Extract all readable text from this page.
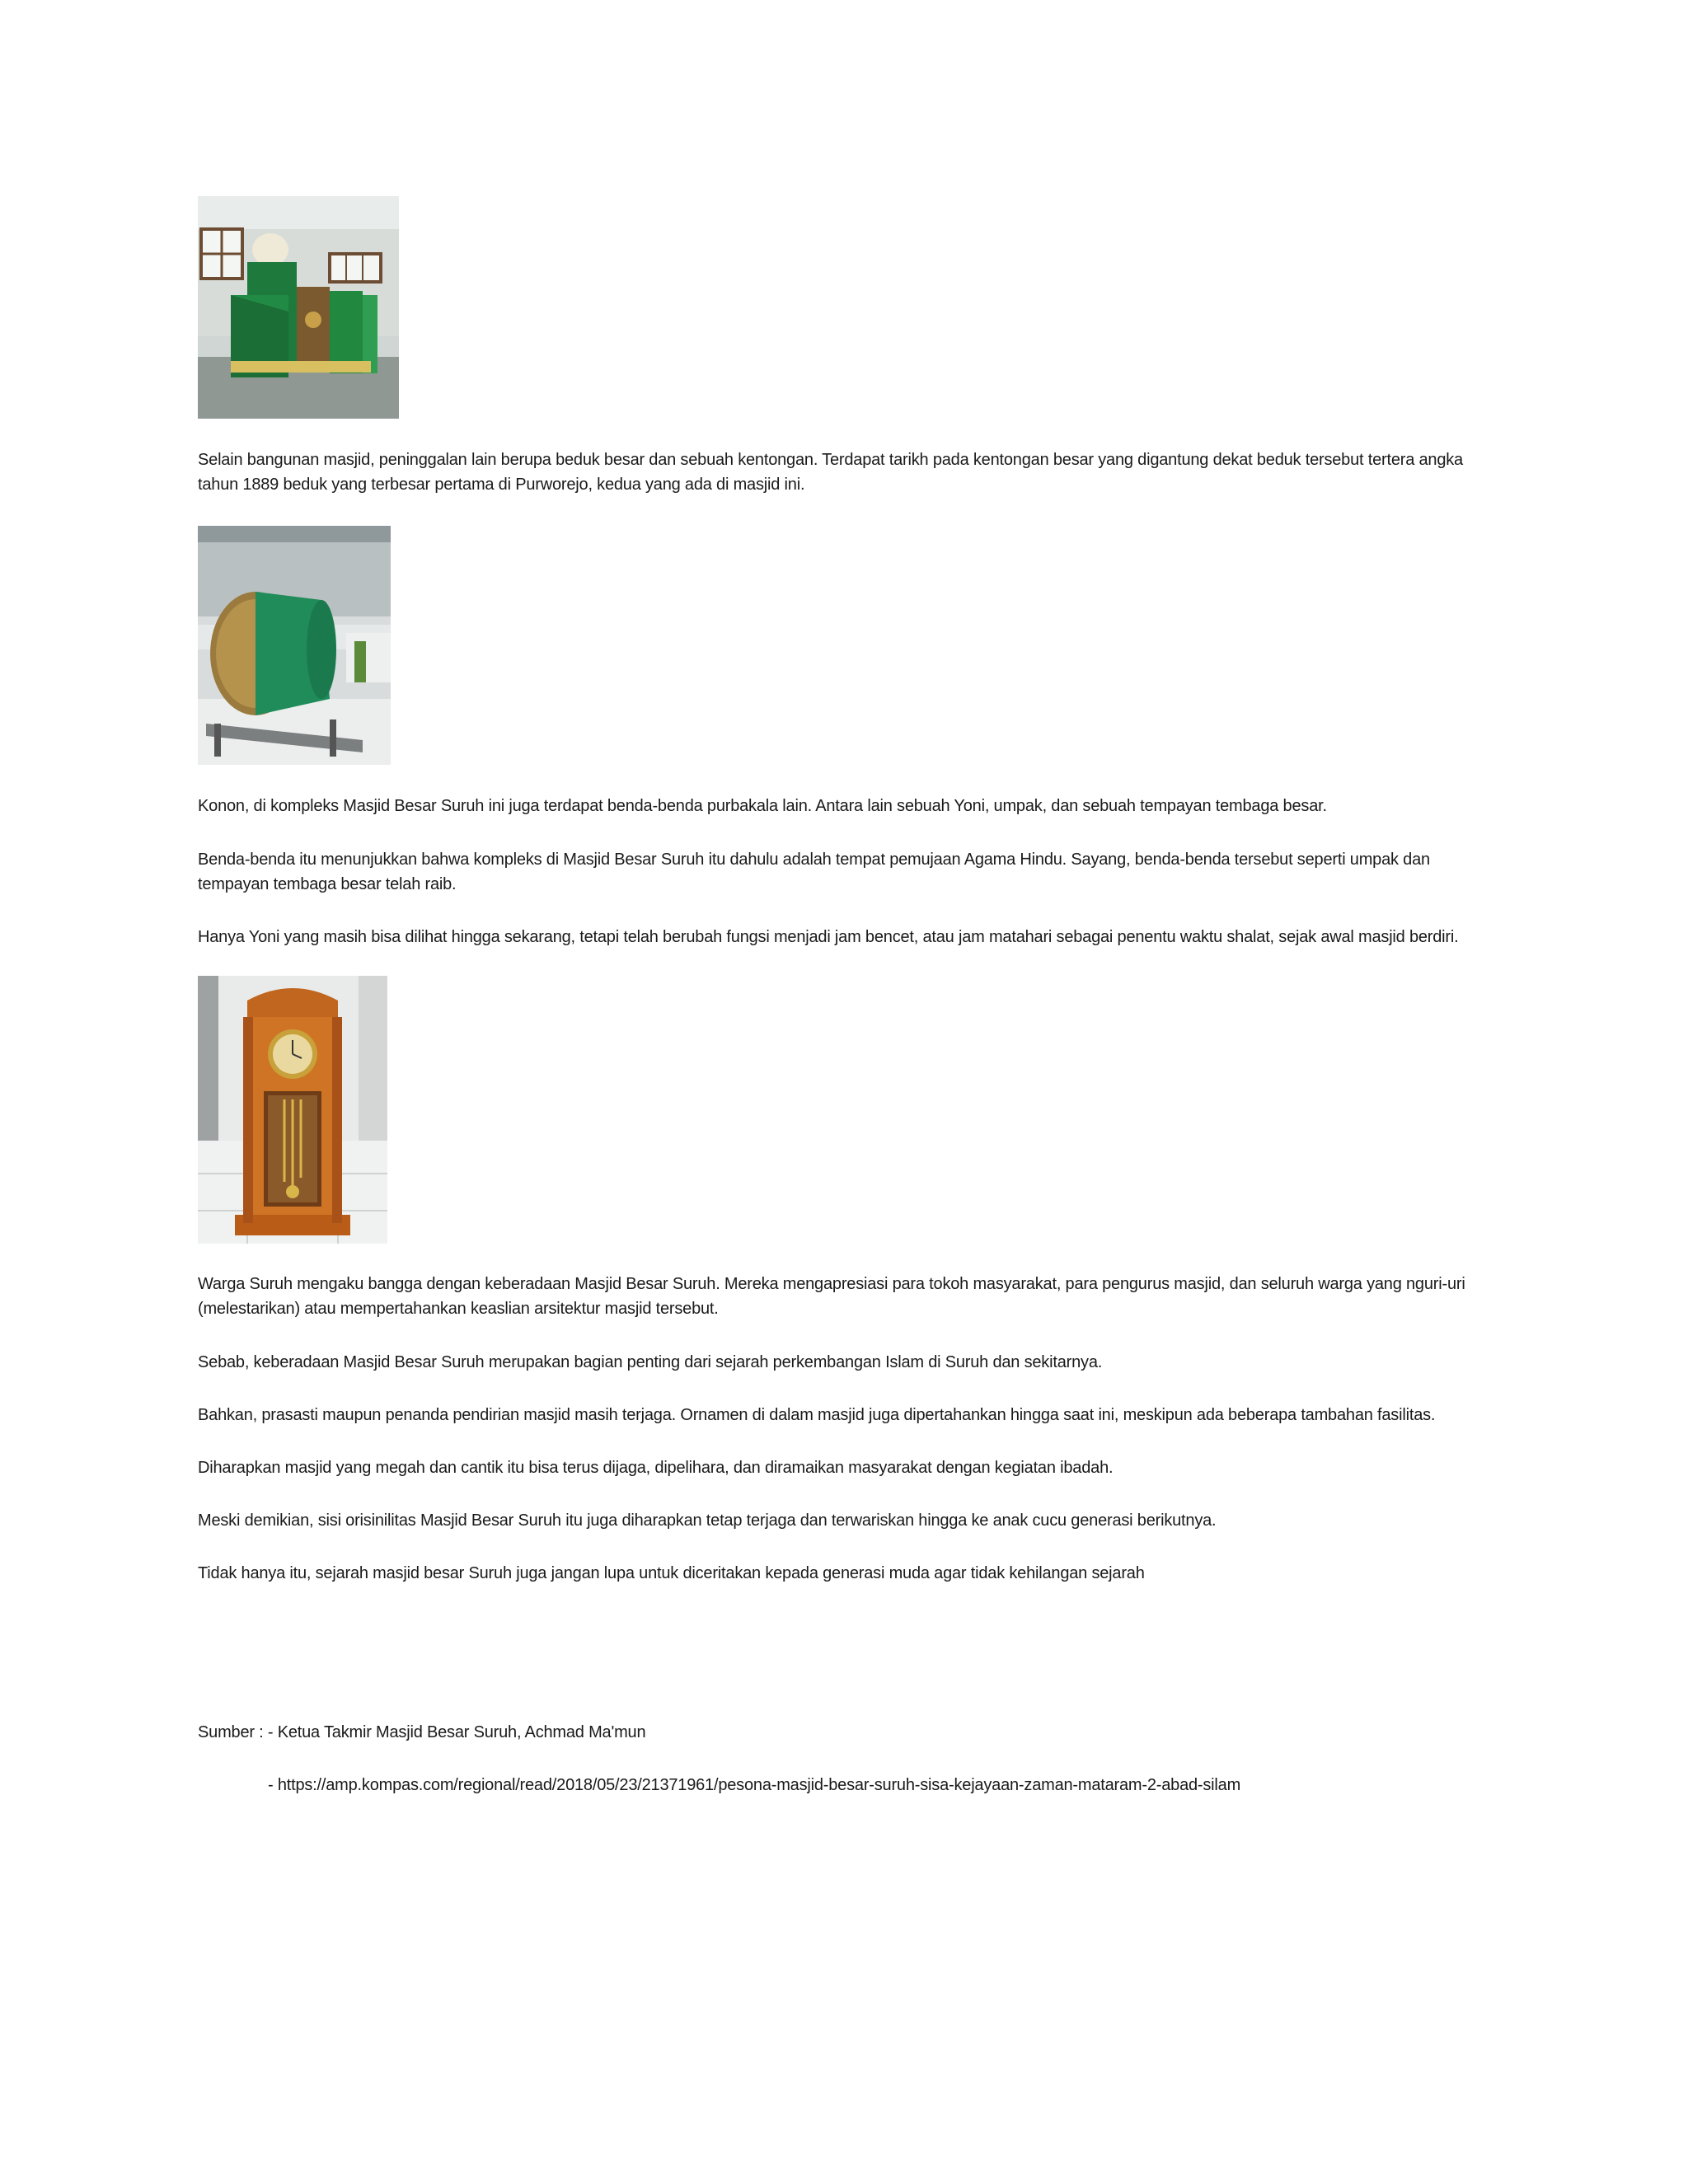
Selain bangunan masjid, peninggalan lain berupa beduk besar dan sebuah kentongan. Terdapat tarikh pada kentongan besar yang digantung dekat beduk tersebut tertera angka tahun 1889 beduk yang terbesar pertama di Purworejo, kedua yang ada di masjid ini.

Konon, di kompleks Masjid Besar Suruh ini juga terdapat benda-benda purbakala lain. Antara lain sebuah Yoni, umpak, dan sebuah tempayan tembaga besar.

Benda-benda itu menunjukkan bahwa kompleks di Masjid Besar Suruh itu dahulu adalah tempat pemujaan Agama Hindu. Sayang, benda-benda tersebut seperti umpak dan tempayan tembaga besar telah raib.

Hanya Yoni yang masih bisa dilihat hingga sekarang, tetapi telah berubah fungsi menjadi jam bencet, atau jam matahari sebagai penentu waktu shalat, sejak awal masjid berdiri.

Warga Suruh mengaku bangga dengan keberadaan Masjid Besar Suruh. Mereka mengapresiasi para tokoh masyarakat, para pengurus masjid, dan seluruh warga yang nguri-uri (melestarikan) atau mempertahankan keaslian arsitektur masjid tersebut.

Sebab, keberadaan Masjid Besar Suruh merupakan bagian penting dari sejarah perkembangan Islam di Suruh dan sekitarnya.

Bahkan, prasasti maupun penanda pendirian masjid masih terjaga. Ornamen di dalam masjid juga dipertahankan hingga saat ini, meskipun ada beberapa tambahan fasilitas.

Diharapkan masjid yang megah dan cantik itu bisa terus dijaga, dipelihara, dan diramaikan masyarakat dengan kegiatan ibadah.

Meski demikian, sisi orisinilitas Masjid Besar Suruh itu juga diharapkan tetap terjaga dan terwariskan hingga ke anak cucu generasi berikutnya.

Tidak hanya itu, sejarah masjid besar Suruh juga jangan lupa untuk diceritakan kepada generasi muda agar tidak kehilangan sejarah

Sumber : - Ketua Takmir Masjid Besar Suruh, Achmad Ma'mun

- https://amp.kompas.com/regional/read/2018/05/23/21371961/pesona-masjid-besar-suruh-sisa-kejayaan-zaman-mataram-2-abad-silam
